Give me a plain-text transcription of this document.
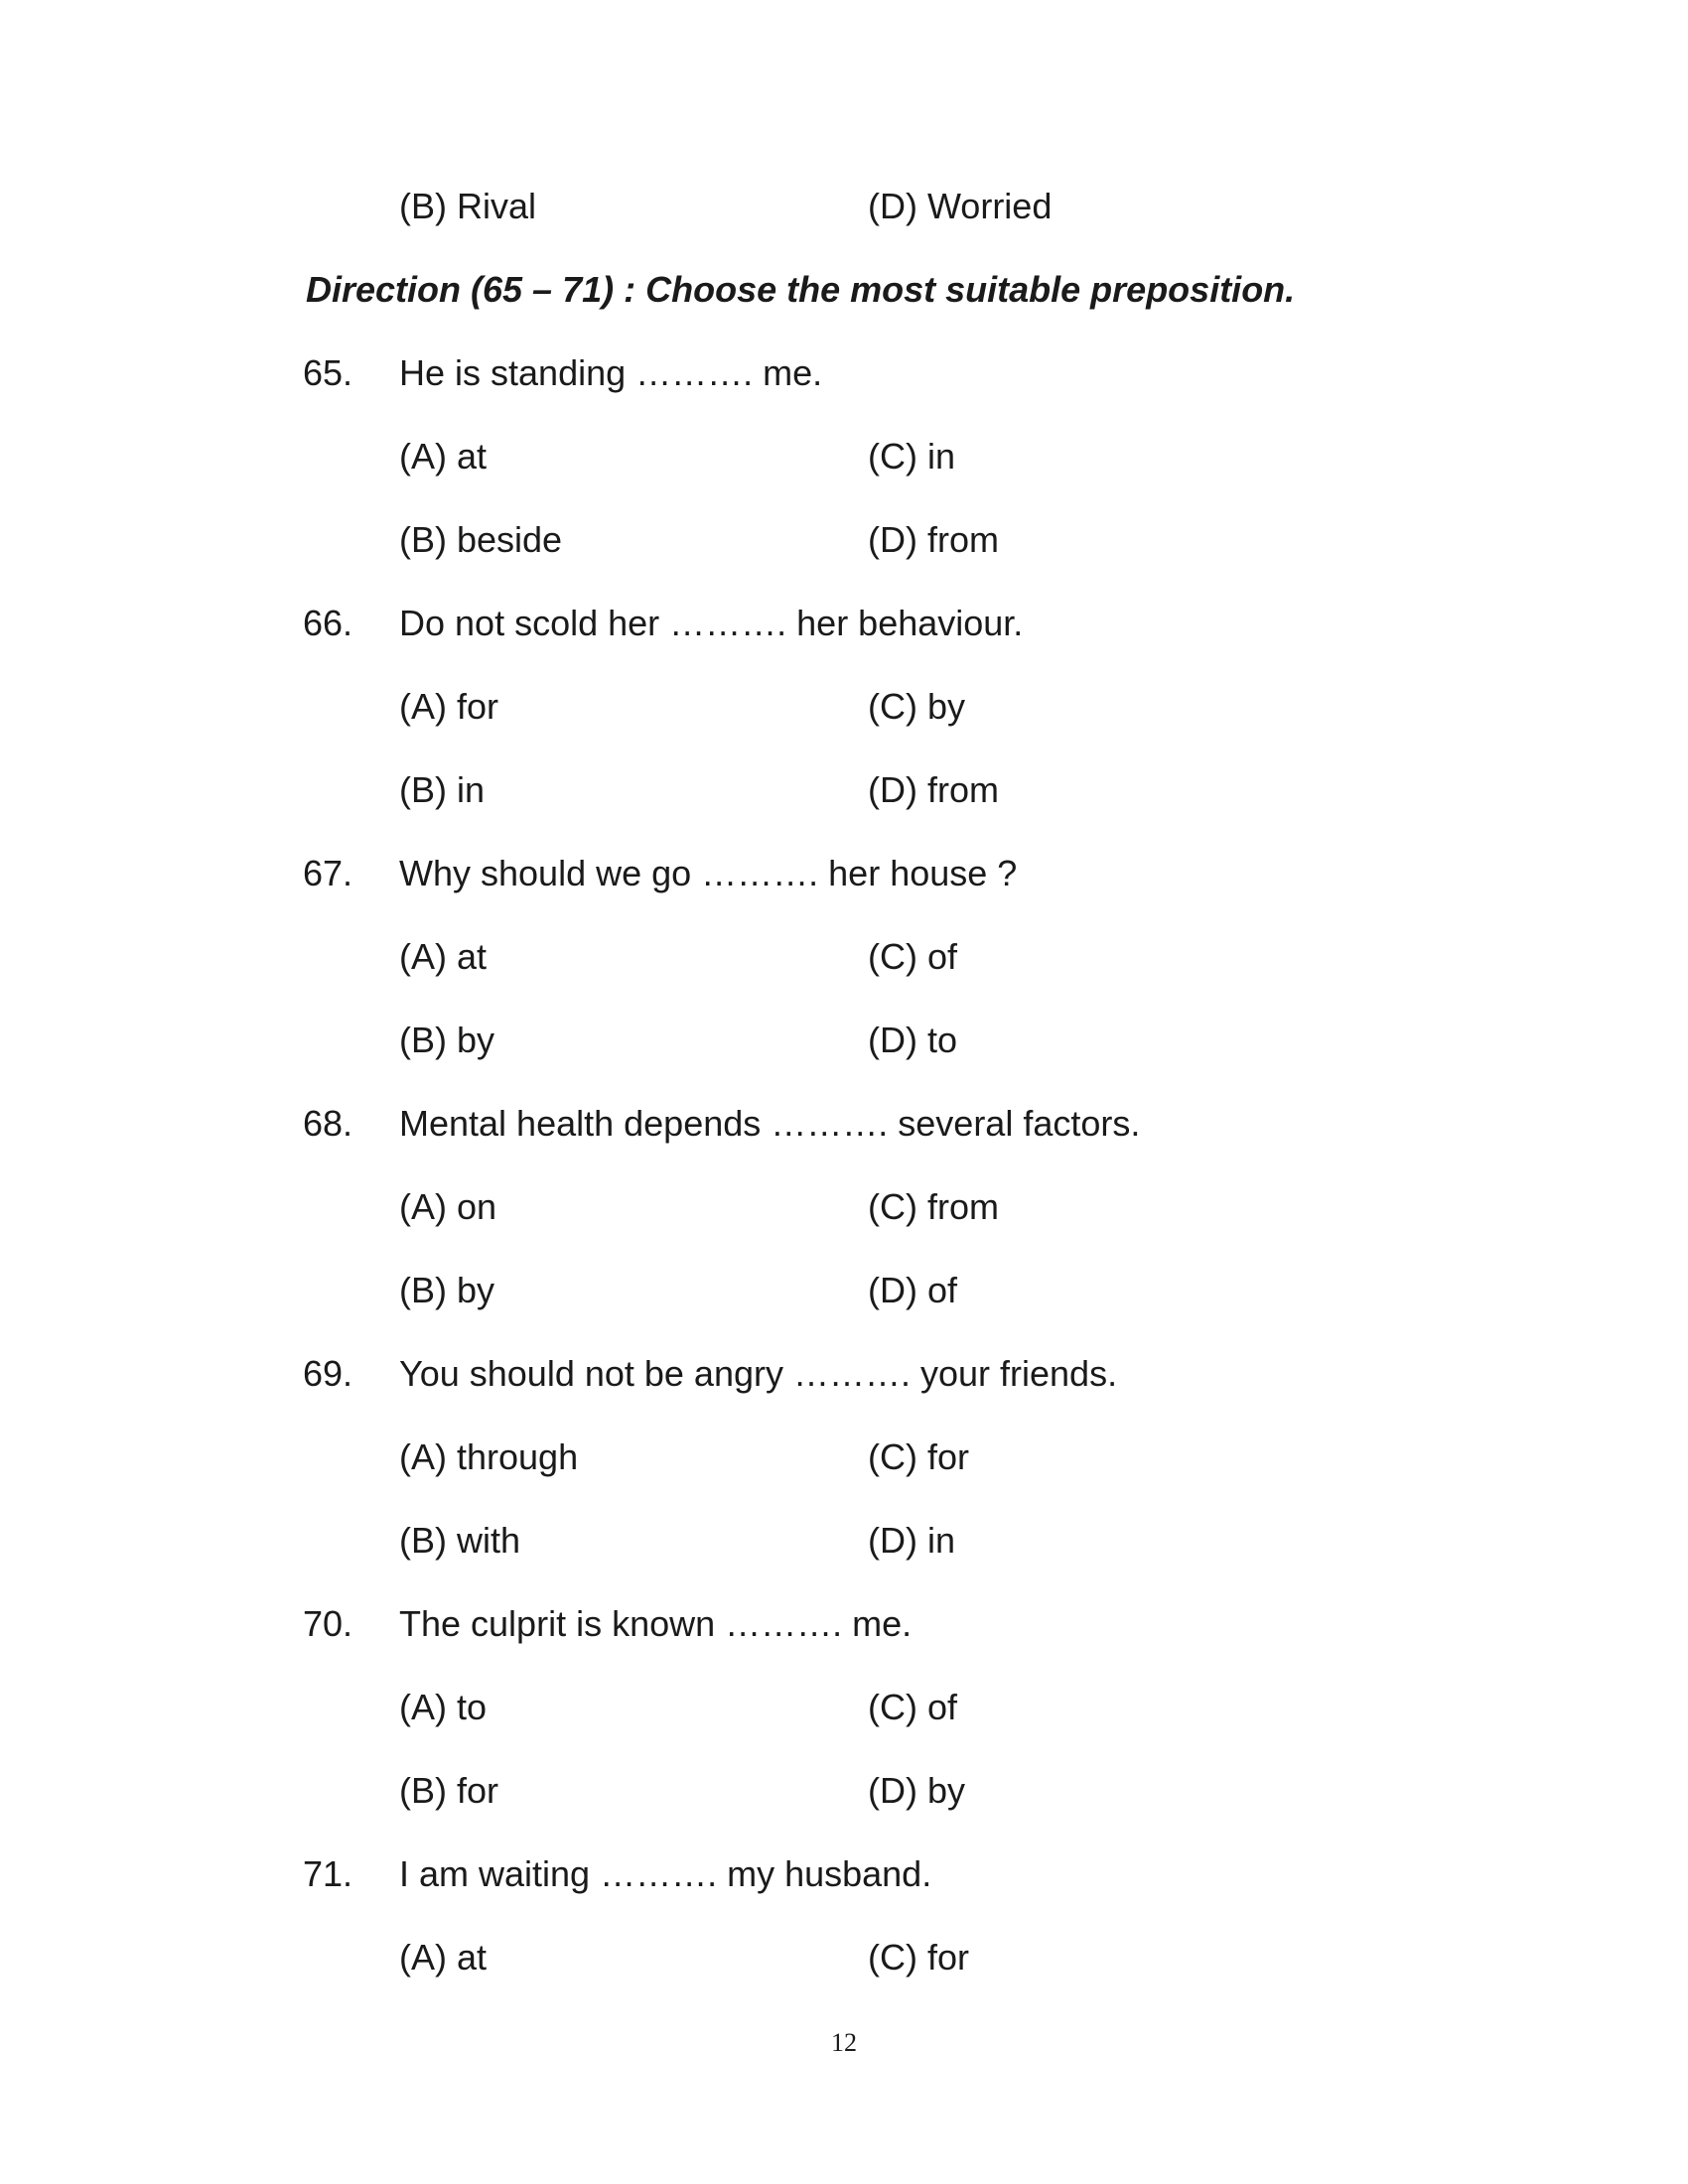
(B) Rival	(D) Worried
Direction (65 – 71) : Choose the most suitable preposition.
65. He is standing ………. me.
(A) at	(C) in
(B) beside	(D) from
66. Do not scold her ………. her behaviour.
(A) for	(C) by
(B) in	(D) from
67. Why should we go ………. her house ?
(A) at	(C) of
(B) by	(D) to
68. Mental health depends ………. several factors.
(A) on	(C) from
(B) by	(D) of
69. You should not be angry ………. your friends.
(A) through	(C) for
(B) with	(D) in
70. The culprit is known ………. me.
(A) to	(C) of
(B) for	(D) by
71. I am waiting ………. my husband.
(A) at	(C) for
12
